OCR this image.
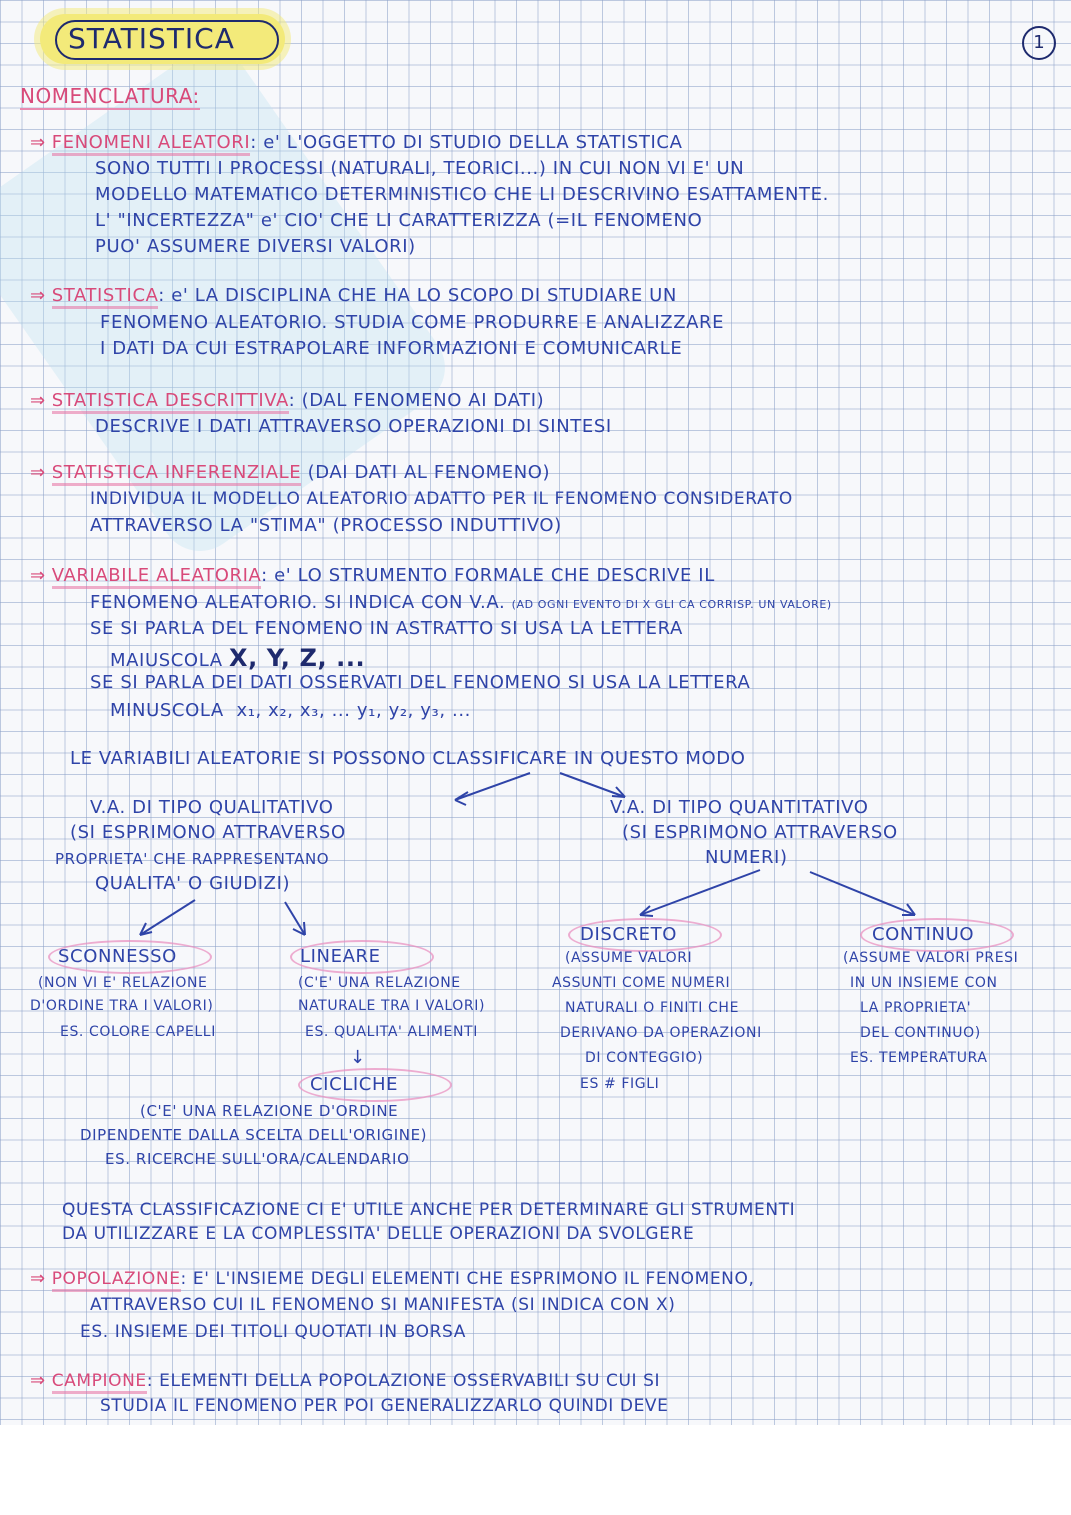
STATISTICA	1
NOMENCLATURA:
⇒ FENOMENI ALEATORI: e' L'OGGETTO DI STUDIO DELLA STATISTICA
SONO TUTTI I PROCESSI (NATURALI, TEORICI...) IN CUI NON VI E' UN
MODELLO MATEMATICO DETERMINISTICO CHE LI DESCRIVINO ESATTAMENTE.
L' "INCERTEZZA" e' CIO' CHE LI CARATTERIZZA (=IL FENOMENO
PUO' ASSUMERE DIVERSI VALORI)
⇒ STATISTICA: e' LA DISCIPLINA CHE HA LO SCOPO DI STUDIARE UN
FENOMENO ALEATORIO. STUDIA COME PRODURRE E ANALIZZARE
I DATI DA CUI ESTRAPOLARE INFORMAZIONI E COMUNICARLE
⇒ STATISTICA DESCRITTIVA: (DAL FENOMENO AI DATI)
DESCRIVE I DATI ATTRAVERSO OPERAZIONI DI SINTESI
⇒ STATISTICA INFERENZIALE (DAI DATI AL FENOMENO)
INDIVIDUA IL MODELLO ALEATORIO ADATTO PER IL FENOMENO CONSIDERATO
ATTRAVERSO LA "STIMA" (PROCESSO INDUTTIVO)
⇒ VARIABILE ALEATORIA: e' LO STRUMENTO FORMALE CHE DESCRIVE IL
FENOMENO ALEATORIO. SI INDICA CON V.A. (AD OGNI EVENTO DI X GLI CA CORRISP. UN VALORE)
SE SI PARLA DEL FENOMENO IN ASTRATTO SI USA LA LETTERA
MAIUSCOLA X, Y, Z, ...
SE SI PARLA DEI DATI OSSERVATI DEL FENOMENO SI USA LA LETTERA
MINUSCOLA x₁, x₂, x₃, ... y₁, y₂, y₃, ...
LE VARIABILI ALEATORIE SI POSSONO CLASSIFICARE IN QUESTO MODO
V.A. DI TIPO QUALITATIVO
(SI ESPRIMONO ATTRAVERSO
PROPRIETA' CHE RAPPRESENTANO
QUALITA' O GIUDIZI)
V.A. DI TIPO QUANTITATIVO
(SI ESPRIMONO ATTRAVERSO
NUMERI)
SCONNESSO
(NON VI E' RELAZIONE
D'ORDINE TRA I VALORI)
ES. COLORE CAPELLI
LINEARE
(C'E' UNA RELAZIONE
NATURALE TRA I VALORI)
ES. QUALITA' ALIMENTI
↓
CICLICHE
(C'E' UNA RELAZIONE D'ORDINE
DIPENDENTE DALLA SCELTA DELL'ORIGINE)
ES. RICERCHE SULL'ORA/CALENDARIO
DISCRETO
(ASSUME VALORI
ASSUNTI COME NUMERI
NATURALI O FINITI CHE
DERIVANO DA OPERAZIONI
DI CONTEGGIO)
ES # FIGLI
CONTINUO
(ASSUME VALORI PRESI
IN UN INSIEME CON
LA PROPRIETA'
DEL CONTINUO)
ES. TEMPERATURA
QUESTA CLASSIFICAZIONE CI E' UTILE ANCHE PER DETERMINARE GLI STRUMENTI
DA UTILIZZARE E LA COMPLESSITA' DELLE OPERAZIONI DA SVOLGERE
⇒ POPOLAZIONE: E' L'INSIEME DEGLI ELEMENTI CHE ESPRIMONO IL FENOMENO,
ATTRAVERSO CUI IL FENOMENO SI MANIFESTA (SI INDICA CON X)
ES. INSIEME DEI TITOLI QUOTATI IN BORSA
⇒ CAMPIONE: ELEMENTI DELLA POPOLAZIONE OSSERVABILI SU CUI SI
STUDIA IL FENOMENO PER POI GENERALIZZARLO QUINDI DEVE
